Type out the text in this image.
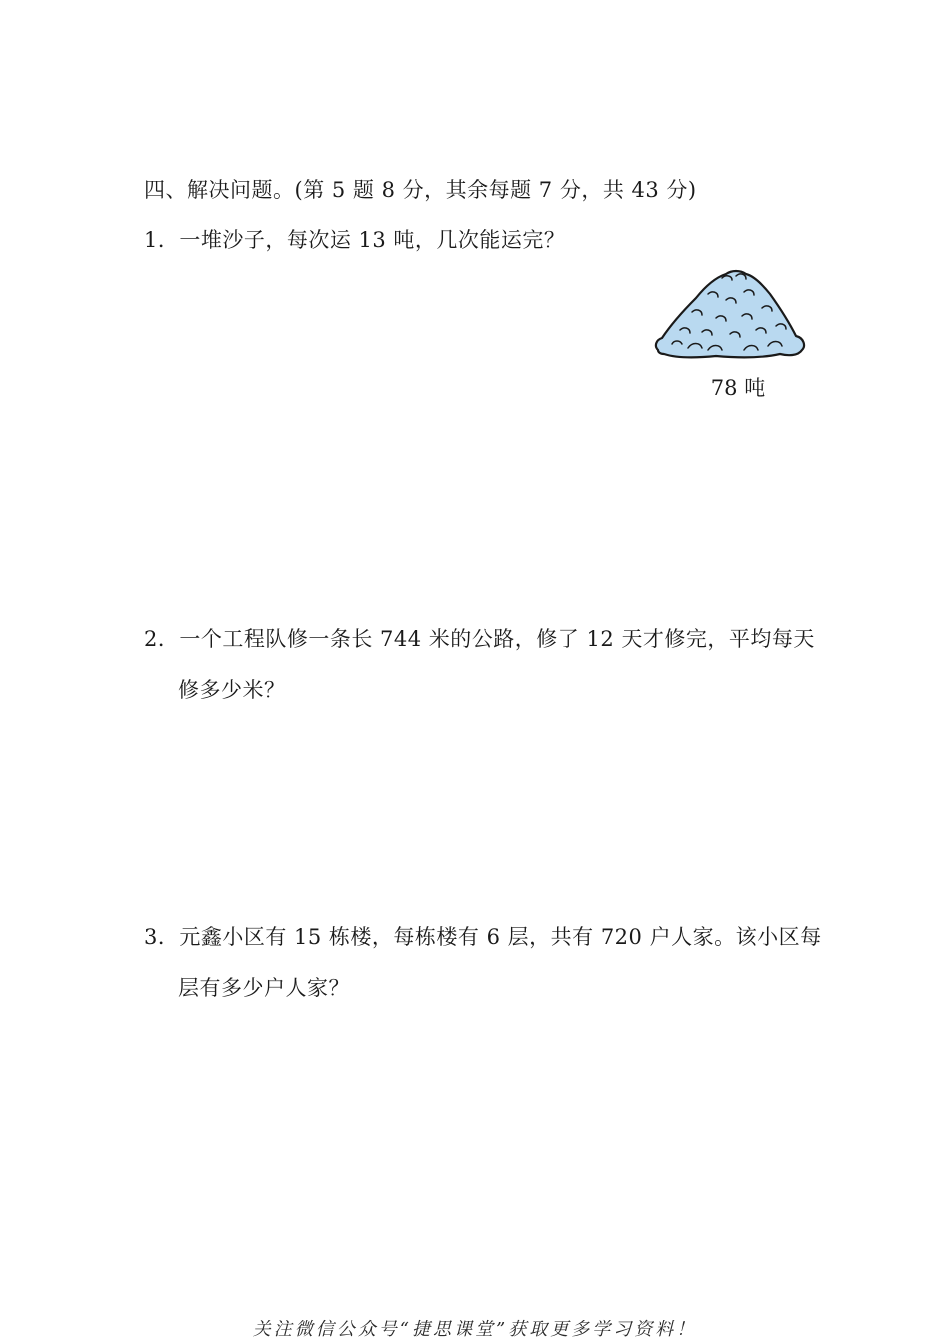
四、解决问题。(第 5 题 8 分，其余每题 7 分，共 43 分)
1．一堆沙子，每次运 13 吨，几次能运完？
78 吨
2．一个工程队修一条长 744 米的公路，修了 12 天才修完，平均每天
修多少米？
3．元鑫小区有 15 栋楼，每栋楼有 6 层，共有 720 户人家。该小区每
层有多少户人家？
关注微信公众号“捷思课堂”获取更多学习资料！
